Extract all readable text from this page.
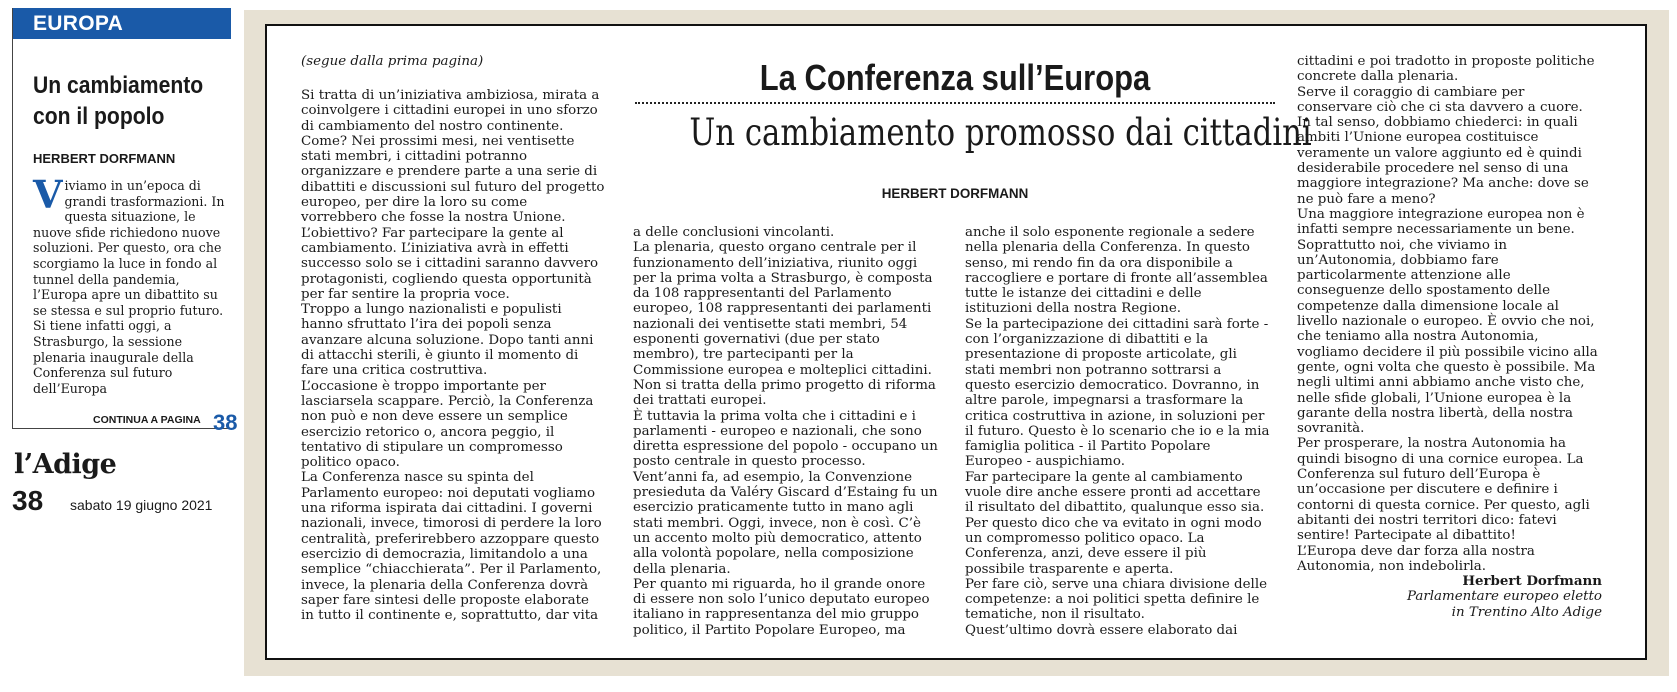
EUROPA
Un cambiamento
con il popolo
HERBERT DORFMANN
Viviamo in un’epoca di grandi trasformazioni. In questa situazione, le nuove sfide richiedono nuove soluzioni. Per questo, ora che scorgiamo la luce in fondo al tunnel della pandemia, l’Europa apre un dibattito su se stessa e sul proprio futuro. Si tiene infatti oggi, a Strasburgo, la sessione plenaria inaugurale della Conferenza sul futuro dell’Europa
CONTINUA A PAGINA 38
l’Adige
38 sabato 19 giugno 2021
(segue dalla prima pagina)	La Conferenza sull’Europa
Un cambiamento promosso dai cittadini
HERBERT DORFMANN

Si tratta di un’iniziativa ambiziosa, mirata a coinvolgere i cittadini europei in uno sforzo di cambiamento del nostro continente. Come? Nei prossimi mesi, nei ventisette stati membri, i cittadini potranno organizzare e prendere parte a una serie di dibattiti e discussioni sul futuro del progetto europeo, per dire la loro su come vorrebbero che fosse la nostra Unione.

L’obiettivo? Far partecipare la gente al cambiamento. L’iniziativa avrà in effetti successo solo se i cittadini saranno davvero protagonisti, cogliendo questa opportunità per far sentire la propria voce.

Troppo a lungo nazionalisti e populisti hanno sfruttato l’ira dei popoli senza avanzare alcuna soluzione. Dopo tanti anni di attacchi sterili, è giunto il momento di fare una critica costruttiva.

L’occasione è troppo importante per lasciarsela scappare. Perciò, la Conferenza non può e non deve essere un semplice esercizio retorico o, ancora peggio, il tentativo di stipulare un compromesso politico opaco.

La Conferenza nasce su spinta del Parlamento europeo: noi deputati vogliamo una riforma ispirata dai cittadini. I governi nazionali, invece, timorosi di perdere la loro centralità, preferirebbero azzoppare questo esercizio di democrazia, limitandolo a una semplice “chiacchierata”. Per il Parlamento, invece, la plenaria della Conferenza dovrà saper fare sintesi delle proposte elaborate in tutto il continente e, soprattutto, dar vita

a delle conclusioni vincolanti.

La plenaria, questo organo centrale per il funzionamento dell’iniziativa, riunito oggi per la prima volta a Strasburgo, è composta da 108 rappresentanti del Parlamento europeo, 108 rappresentanti dei parlamenti nazionali dei ventisette stati membri, 54 esponenti governativi (due per stato membro), tre partecipanti per la Commissione europea e molteplici cittadini. Non si tratta della primo progetto di riforma dei trattati europei.

È tuttavia la prima volta che i cittadini e i parlamenti - europeo e nazionali, che sono diretta espressione del popolo - occupano un posto centrale in questo processo.

Vent’anni fa, ad esempio, la Convenzione presieduta da Valéry Giscard d’Estaing fu un esercizio praticamente tutto in mano agli stati membri. Oggi, invece, non è così. C’è un accento molto più democratico, attento alla volontà popolare, nella composizione della plenaria.

Per quanto mi riguarda, ho il grande onore di essere non solo l’unico deputato europeo italiano in rappresentanza del mio gruppo politico, il Partito Popolare Europeo, ma

anche il solo esponente regionale a sedere nella plenaria della Conferenza. In questo senso, mi rendo fin da ora disponibile a raccogliere e portare di fronte all’assemblea tutte le istanze dei cittadini e delle istituzioni della nostra Regione.

Se la partecipazione dei cittadini sarà forte - con l’organizzazione di dibattiti e la presentazione di proposte articolate, gli stati membri non potranno sottrarsi a questo esercizio democratico. Dovranno, in altre parole, impegnarsi a trasformare la critica costruttiva in azione, in soluzioni per il futuro. Questo è lo scenario che io e la mia famiglia politica - il Partito Popolare Europeo - auspichiamo.

Far partecipare la gente al cambiamento vuole dire anche essere pronti ad accettare il risultato del dibattito, qualunque esso sia. Per questo dico che va evitato in ogni modo un compromesso politico opaco. La Conferenza, anzi, deve essere il più possibile trasparente e aperta.

Per fare ciò, serve una chiara divisione delle competenze: a noi politici spetta definire le tematiche, non il risultato.

Quest’ultimo dovrà essere elaborato dai

cittadini e poi tradotto in proposte politiche concrete dalla plenaria.

Serve il coraggio di cambiare per conservare ciò che ci sta davvero a cuore.

In tal senso, dobbiamo chiederci: in quali ambiti l’Unione europea costituisce veramente un valore aggiunto ed è quindi desiderabile procedere nel senso di una maggiore integrazione? Ma anche: dove se ne può fare a meno?

Una maggiore integrazione europea non è infatti sempre necessariamente un bene. Soprattutto noi, che viviamo in un’Autonomia, dobbiamo fare particolarmente attenzione alle conseguenze dello spostamento delle competenze dalla dimensione locale al livello nazionale o europeo. È ovvio che noi, che teniamo alla nostra Autonomia, vogliamo decidere il più possibile vicino alla gente, ogni volta che questo è possibile. Ma negli ultimi anni abbiamo anche visto che, nelle sfide globali, l’Unione europea è la garante della nostra libertà, della nostra sovranità.

Per prosperare, la nostra Autonomia ha quindi bisogno di una cornice europea. La Conferenza sul futuro dell’Europa è un’occasione per discutere e definire i contorni di questa cornice. Per questo, agli abitanti dei nostri territori dico: fatevi sentire! Partecipate al dibattito!

L’Europa deve dar forza alla nostra Autonomia, non indebolirla.

Herbert Dorfmann

Parlamentare europeo eletto

in Trentino Alto Adige
